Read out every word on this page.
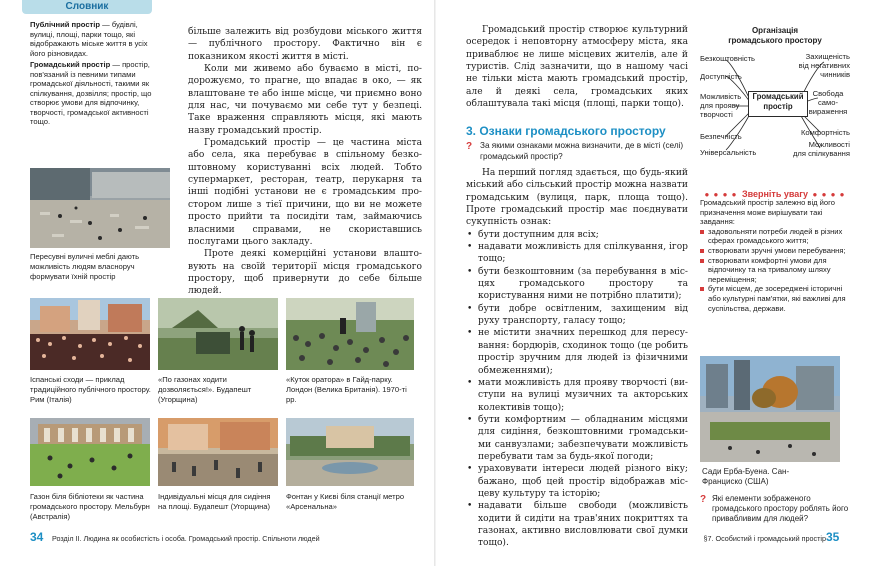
Словник

Публічний простір — будівлі, вулиці, площі, парки тощо, які відображають міське життя в усіх його різновидах.

Громадський простір — простір, пов'язаний із певними типами громадської діяльності, такими як спілкування, дозвілля; простір, що створює умови для відпочинку, творчості, громадської активності тощо.

Пересувні вуличні меблі дають можливість людям власноруч формувати їхній простір

більше залежить від розбудови міського життя — публічного простору. Фактично він є показником якості життя в місті.

Коли ми живемо або буваємо в місті, подорожуємо, то прагне, що впадає в око, — як влаштоване те або інше місце, чи приємно воно для нас, чи почуваємо ми себе тут у безпеці. Таке враження справляють місця, які мають назву громадський простір.

Громадський простір — це частина міста або села, яка перебуває в спільному безкоштовному користуванні всіх людей. Тобто супермаркет, ресторан, театр, перукарня та інші подібні установи не є громадським простором лише з тієї причини, що ви не можете просто прийти та посидіти там, займаючись власними справами, не скориставшись послугами цього закладу.

Проте деякі комерційні установи влаштовують на своїй території місця громадського простору, щоб привернути до себе більше людей.

Іспанські сходи — приклад традиційного публічного простору. Рим (Італія)
«По газонах ходити дозволяється!». Будапешт (Угорщина)
«Куток оратора» в Гайд-парку. Лондон (Велика Британія). 1970-ті рр.
Газон біля бібліотеки як частина громадського простору. Мельбурн (Австралія)
Індивідуальні місця для сидіння на площі. Будапешт (Угорщина)
Фонтан у Києві біля станції метро «Арсенальна»
34 Розділ II. Людина як особистість і особа. Громадський простір. Спільноти людей

Громадський простір створює культурний осередок і неповторну атмосферу міста, яка приваблює не лише місцевих жителів, але й туристів. Слід зазначити, що в нашому часі не тільки міста мають громадський простір, але й деякі села, громадських яких облаштувала такі місця (площі, парки тощо).

3. Ознаки громадського простору
? За якими ознаками можна визначити, де в місті (селі) громадський простір?

На перший погляд здається, що будь-який міський або сільський простір можна назвати громадським (вулиця, парк, площа тощо). Проте громадський простір має поєднувати сукупність ознак:

• бути доступним для всіх;
• надавати можливість для спілкування, ігор тощо;
• бути безкоштовним (за перебування в місцях громадського простору та користування ними не потрібно платити);
• бути добре освітленим, захищеним від руху транспорту, галасу тощо;
• не містити значних перешкод для пересування: бордюрів, сходинок тощо (це робить простір зручним для людей із фізичними обмеженнями);
• мати можливість для прояву творчості (виступи на вулиці музичних та акторських колективів тощо);
• бути комфортним — обладнаним місцями для сидіння, безкоштовними громадськими санвузлами; забезпечувати можливість перебувати там за будь-якої погоди;
• ураховувати інтереси людей різного віку; бажано, щоб цей простір відображав місцеву культуру та історію;
• надавати більше свободи (можливість ходити й сидіти на трав'яних покриттях та газонах, активно висловлювати свої думки тощо).
Організація
громадського простору
Громадський
простір
Безкоштовність
Доступність
Можливість
для прояву
творчості
Безпечність
Універсальність
Захищеність
від негативних
чинників
Свобода
само-
вираження
Комфортність
Можливості
для спілкування
● ● ● ● Зверніть увагу ● ● ● ●
Громадський простір залежно від його призначення може вирішувати такі завдання:
задовольняти потреби людей в різних сферах громадського життя;
створювати зручні умови перебування;
створювати комфортні умови для відпочинку та на тривалому шляху переміщення;
бути місцем, де зосереджені історичні або культурні пам'ятки, які важливі для суспільства, держави.
Сади Ерба-Буена. Сан-Франциско (США)
? Які елементи зображеного громадського простору роблять його привабливим для людей?
§7. Особистий і громадський простір 35
